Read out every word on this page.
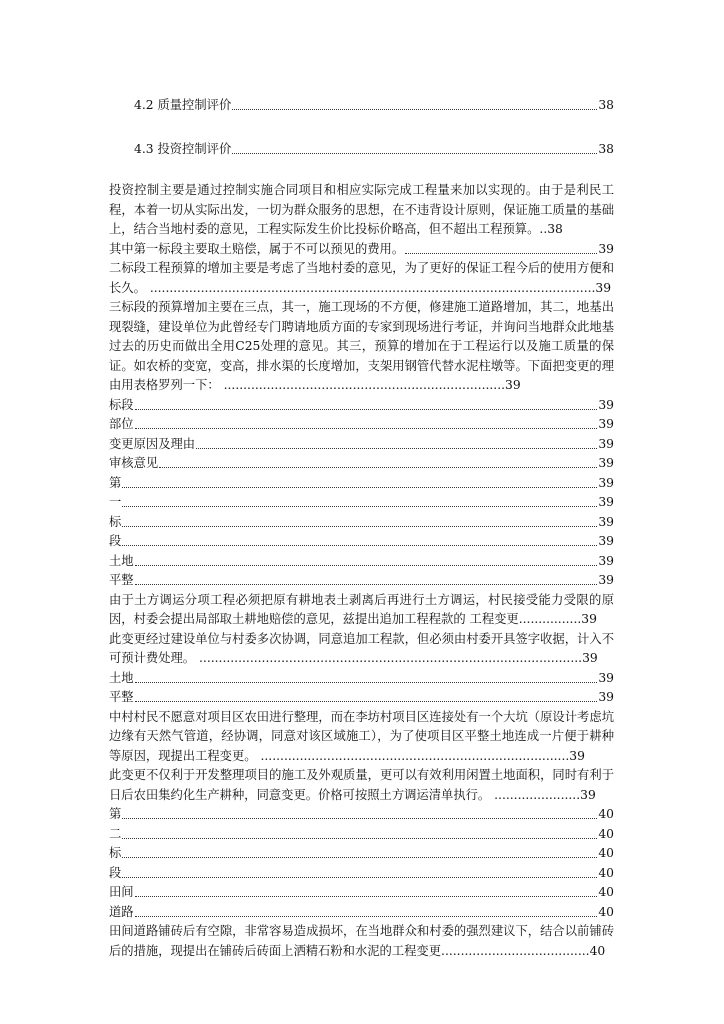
4.2 质量控制评价	38
4.3 投资控制评价	38
投资控制主要是通过控制实施合同项目和相应实际完成工程量来加以实现的。由于是利民工程，本着一切从实际出发，一切为群众服务的思想，在不违背设计原则，保证施工质量的基础上，结合当地村委的意见，工程实际发生价比投标价略高，但不超出工程预算。..38
其中第一标段主要取土赔偿，属于不可以预见的费用。	39
二标段工程预算的增加主要是考虑了当地村委的意见，为了更好的保证工程今后的使用方便和长久。 ..................................................................................................................39
三标段的预算增加主要在三点，其一，施工现场的不方便，修建施工道路增加，其二，地基出现裂缝，建设单位为此曾经专门聘请地质方面的专家到现场进行考证，并询问当地群众此地基过去的历史而做出全用C25处理的意见。其三，预算的增加在于工程运行以及施工质量的保证。如农桥的变宽，变高，排水渠的长度增加，支架用钢管代替水泥柱墩等。下面把变更的理由用表格罗列一下： ........................................................................39
标段	39
部位	39
变更原因及理由	39
审核意见	39
第	39
一	39
标	39
段	39
土地	39
平整	39
由于土方调运分项工程必须把原有耕地表土剥离后再进行土方调运，村民接受能力受限的原因，村委会提出局部取土耕地赔偿的意见，兹提出追加工程程款的 工程变更................39
此变更经过建设单位与村委多次协调，同意追加工程款，但必须由村委开具签字收据，计入不可预计费处理。 ..................................................................................................39
土地	39
平整	39
中村村民不愿意对项目区农田进行整理，而在李坊村项目区连接处有一个大坑（原设计考虑坑边缘有天然气管道，经协调，同意对该区域施工），为了使项目区平整土地连成一片便于耕种等原因，现提出工程变更。 ...............................................................................39
此变更不仅利于开发整理项目的施工及外观质量，更可以有效利用闲置土地面积，同时有利于日后农田集约化生产耕种，同意变更。价格可按照土方调运清单执行。 ......................39
第	40
二	40
标	40
段	40
田间	40
道路	40
田间道路铺砖后有空隙，非常容易造成损坏，在当地群众和村委的强烈建议下，结合以前铺砖后的措施，现提出在铺砖后砖面上洒精石粉和水泥的工程变更......................................40
